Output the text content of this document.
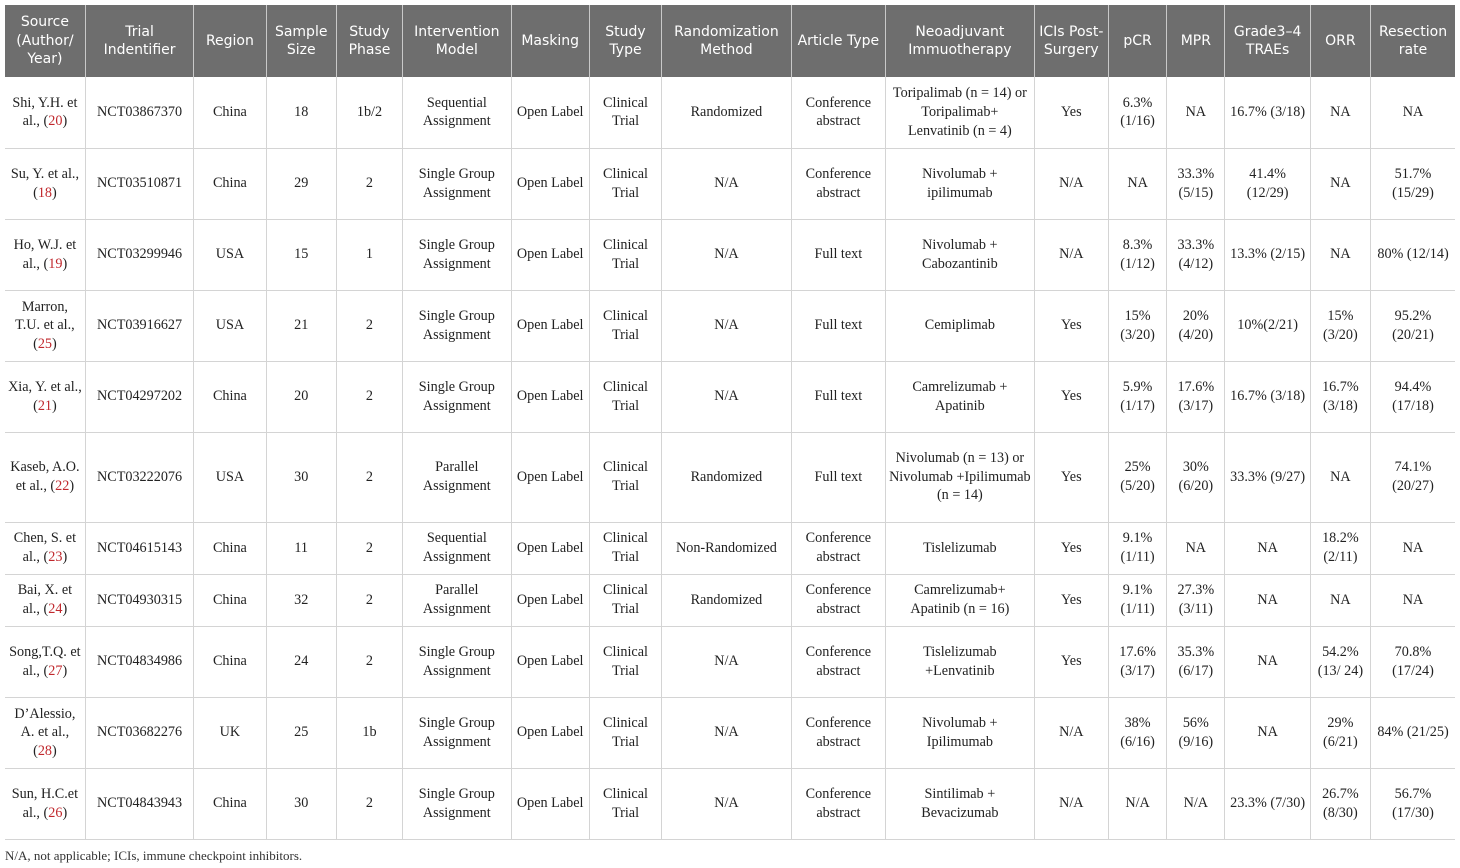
Source (Author/ Year)	Trial Indentifier	Region	Sample Size	Study Phase	Intervention Model	Masking	Study Type	Randomization Method	Article Type	Neoadjuvant Immuotherapy	ICIs Post-Surgery	pCR	MPR	Grade3–4 TRAEs	ORR	Resection rate
Shi, Y.H. et al., (20)	NCT03867370	China	18	1b/2	Sequential Assignment	Open Label	Clinical Trial	Randomized	Conference abstract	Toripalimab (n = 14) or Toripalimab+ Lenvatinib (n = 4)	Yes	6.3% (1/16)	NA	16.7% (3/18)	NA	NA
Su, Y. et al., (18)	NCT03510871	China	29	2	Single Group Assignment	Open Label	Clinical Trial	N/A	Conference abstract	Nivolumab + ipilimumab	N/A	NA	33.3% (5/15)	41.4% (12/29)	NA	51.7% (15/29)
Ho, W.J. et al., (19)	NCT03299946	USA	15	1	Single Group Assignment	Open Label	Clinical Trial	N/A	Full text	Nivolumab + Cabozantinib	N/A	8.3% (1/12)	33.3% (4/12)	13.3% (2/15)	NA	80% (12/14)
Marron, T.U. et al., (25)	NCT03916627	USA	21	2	Single Group Assignment	Open Label	Clinical Trial	N/A	Full text	Cemiplimab	Yes	15% (3/20)	20% (4/20)	10%(2/21)	15% (3/20)	95.2% (20/21)
Xia, Y. et al., (21)	NCT04297202	China	20	2	Single Group Assignment	Open Label	Clinical Trial	N/A	Full text	Camrelizumab + Apatinib	Yes	5.9% (1/17)	17.6% (3/17)	16.7% (3/18)	16.7% (3/18)	94.4% (17/18)
Kaseb, A.O. et al., (22)	NCT03222076	USA	30	2	Parallel Assignment	Open Label	Clinical Trial	Randomized	Full text	Nivolumab (n = 13) or Nivolumab +Ipilimumab (n = 14)	Yes	25% (5/20)	30% (6/20)	33.3% (9/27)	NA	74.1% (20/27)
Chen, S. et al., (23)	NCT04615143	China	11	2	Sequential Assignment	Open Label	Clinical Trial	Non-Randomized	Conference abstract	Tislelizumab	Yes	9.1% (1/11)	NA	NA	18.2% (2/11)	NA
Bai, X. et al., (24)	NCT04930315	China	32	2	Parallel Assignment	Open Label	Clinical Trial	Randomized	Conference abstract	Camrelizumab+ Apatinib (n = 16)	Yes	9.1% (1/11)	27.3% (3/11)	NA	NA	NA
Song,T.Q. et al., (27)	NCT04834986	China	24	2	Single Group Assignment	Open Label	Clinical Trial	N/A	Conference abstract	Tislelizumab +Lenvatinib	Yes	17.6% (3/17)	35.3% (6/17)	NA	54.2% (13/ 24)	70.8% (17/24)
D’Alessio, A. et al., (28)	NCT03682276	UK	25	1b	Single Group Assignment	Open Label	Clinical Trial	N/A	Conference abstract	Nivolumab + Ipilimumab	N/A	38% (6/16)	56% (9/16)	NA	29% (6/21)	84% (21/25)
Sun, H.C.et al., (26)	NCT04843943	China	30	2	Single Group Assignment	Open Label	Clinical Trial	N/A	Conference abstract	Sintilimab + Bevacizumab	N/A	N/A	N/A	23.3% (7/30)	26.7% (8/30)	56.7% (17/30)
N/A, not applicable; ICIs, immune checkpoint inhibitors.
